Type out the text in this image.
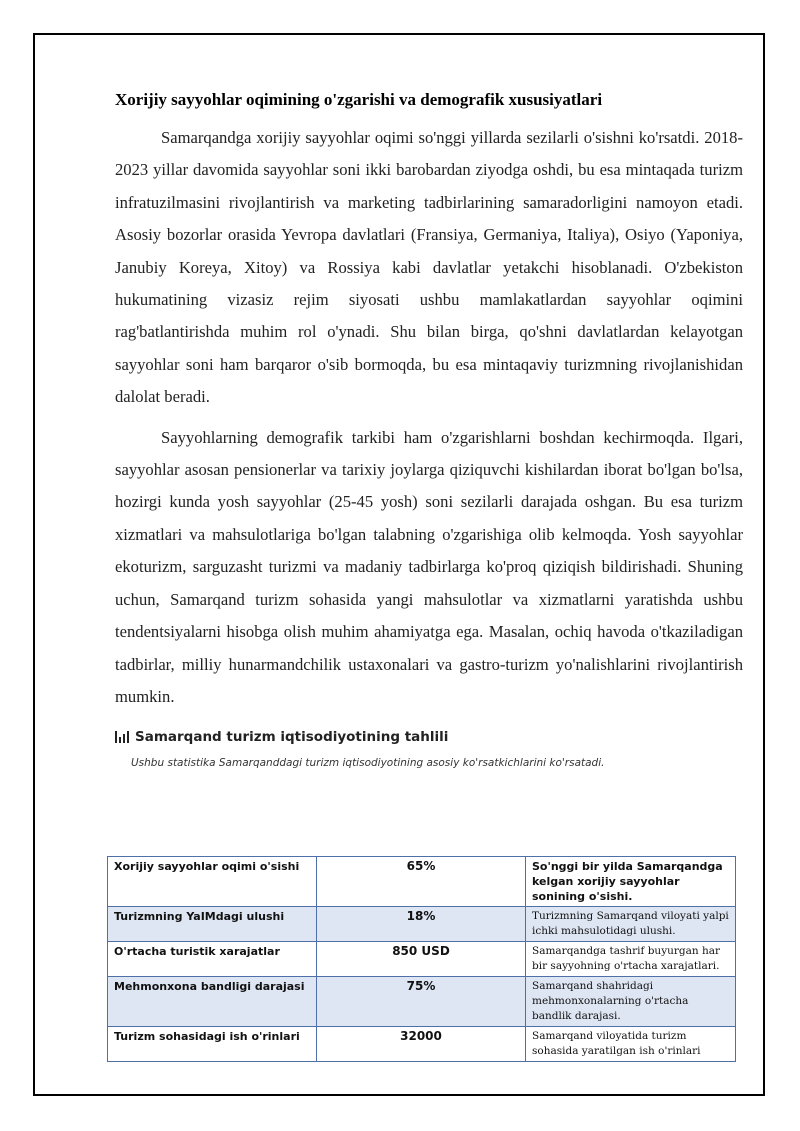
Xorijiy sayyohlar oqimining o'zgarishi va demografik xususiyatlari

Samarqandga xorijiy sayyohlar oqimi so'nggi yillarda sezilarli o'sishni ko'rsatdi. 2018-2023 yillar davomida sayyohlar soni ikki barobardan ziyodga oshdi, bu esa mintaqada turizm infratuzilmasini rivojlantirish va marketing tadbirlarining samaradorligini namoyon etadi. Asosiy bozorlar orasida Yevropa davlatlari (Fransiya, Germaniya, Italiya), Osiyo (Yaponiya, Janubiy Koreya, Xitoy) va Rossiya kabi davlatlar yetakchi hisoblanadi. O'zbekiston hukumatining vizasiz rejim siyosati ushbu mamlakatlardan sayyohlar oqimini rag'batlantirishda muhim rol o'ynadi. Shu bilan birga, qo'shni davlatlardan kelayotgan sayyohlar soni ham barqaror o'sib bormoqda, bu esa mintaqaviy turizmning rivojlanishidan dalolat beradi.

Sayyohlarning demografik tarkibi ham o'zgarishlarni boshdan kechirmoqda. Ilgari, sayyohlar asosan pensionerlar va tarixiy joylarga qiziquvchi kishilardan iborat bo'lgan bo'lsa, hozirgi kunda yosh sayyohlar (25-45 yosh) soni sezilarli darajada oshgan. Bu esa turizm xizmatlari va mahsulotlariga bo'lgan talabning o'zgarishiga olib kelmoqda. Yosh sayyohlar ekoturizm, sarguzasht turizmi va madaniy tadbirlarga ko'proq qiziqish bildirishadi. Shuning uchun, Samarqand turizm sohasida yangi mahsulotlar va xizmatlarni yaratishda ushbu tendentsiyalarni hisobga olish muhim ahamiyatga ega. Masalan, ochiq havoda o'tkaziladigan tadbirlar, milliy hunarmandchilik ustaxonalari va gastro-turizm yo'nalishlarini rivojlantirish mumkin.

Samarqand turizm iqtisodiyotining tahlili
Ushbu statistika Samarqanddagi turizm iqtisodiyotining asosiy ko'rsatkichlarini ko'rsatadi.
Xorijiy sayyohlar oqimi o'sishi	65%	So'nggi bir yilda Samarqandga kelgan xorijiy sayyohlar sonining o'sishi.
Turizmning YaIMdagi ulushi	18%	Turizmning Samarqand viloyati yalpi ichki mahsulotidagi ulushi.
O'rtacha turistik xarajatlar	850 USD	Samarqandga tashrif buyurgan har bir sayyohning o'rtacha xarajatlari.
Mehmonxona bandligi darajasi	75%	Samarqand shahridagi mehmonxonalarning o'rtacha bandlik darajasi.
Turizm sohasidagi ish o'rinlari	32000	Samarqand viloyatida turizm sohasida yaratilgan ish o'rinlari
